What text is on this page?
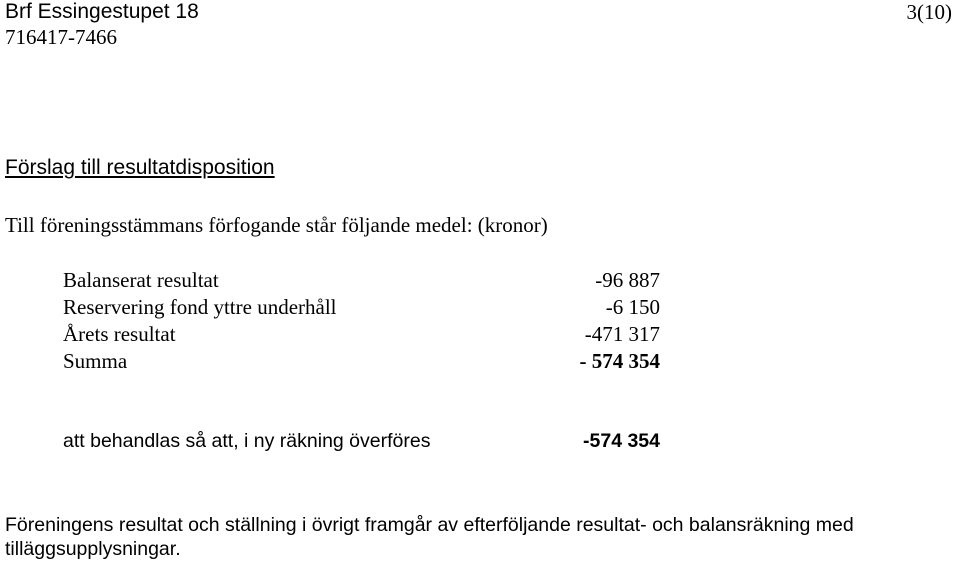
Brf Essingestupet 18
716417-7466
3(10)
Förslag till resultatdisposition
Till föreningsstämmans förfogande står följande medel: (kronor)
Balanserat resultat	-96 887
Reservering fond yttre underhåll	-6 150
Årets resultat	-471 317
Summa	- 574 354
att behandlas så att, i ny räkning överföres	-574 354
Föreningens resultat och ställning i övrigt framgår av efterföljande resultat- och balansräkning med tilläggsupplysningar.
